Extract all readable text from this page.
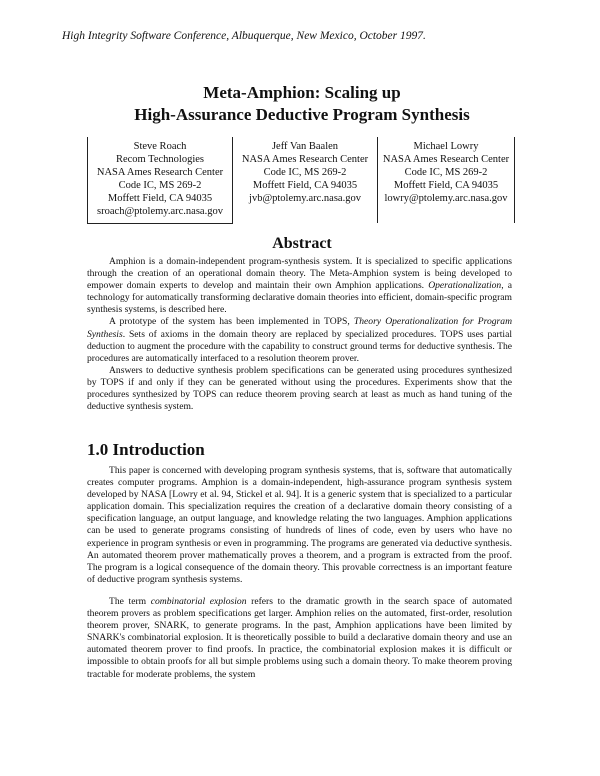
High Integrity Software Conference, Albuquerque, New Mexico, October 1997.
Meta-Amphion: Scaling up
High-Assurance Deductive Program Synthesis
Steve Roach
Recom Technologies
NASA Ames Research Center
Code IC, MS 269-2
Moffett Field, CA 94035
sroach@ptolemy.arc.nasa.gov

Jeff Van Baalen
NASA Ames Research Center
Code IC, MS 269-2
Moffett Field, CA 94035
jvb@ptolemy.arc.nasa.gov

Michael Lowry
NASA Ames Research Center
Code IC, MS 269-2
Moffett Field, CA 94035
lowry@ptolemy.arc.nasa.gov
Abstract

Amphion is a domain-independent program-synthesis system. It is specialized to specific applications through the creation of an operational domain theory. The Meta-Amphion system is being developed to empower domain experts to develop and maintain their own Amphion applications. Operationalization, a technology for automatically transforming declarative domain theories into efficient, domain-specific program synthesis systems, is described here.

A prototype of the system has been implemented in TOPS, Theory Operationalization for Program Synthesis. Sets of axioms in the domain theory are replaced by specialized procedures. TOPS uses partial deduction to augment the procedure with the capability to construct ground terms for deductive synthesis. The procedures are automatically interfaced to a resolution theorem prover.

Answers to deductive synthesis problem specifications can be generated using procedures synthesized by TOPS if and only if they can be generated without using the procedures. Experiments show that the procedures synthesized by TOPS can reduce theorem proving search at least as much as hand tuning of the deductive synthesis system.

1.0 Introduction

This paper is concerned with developing program synthesis systems, that is, software that automatically creates computer programs. Amphion is a domain-independent, high-assurance program synthesis system developed by NASA [Lowry et al. 94, Stickel et al. 94]. It is a generic system that is specialized to a particular application domain. This specialization requires the creation of a declarative domain theory consisting of a specification language, an output language, and knowledge relating the two languages. Amphion applications can be used to generate programs consisting of hundreds of lines of code, even by users who have no experience in program synthesis or even in programming. The programs are generated via deductive synthesis. An automated theorem prover mathematically proves a theorem, and a program is extracted from the proof. The program is a logical consequence of the domain theory. This provable correctness is an important feature of deductive program synthesis systems.

The term combinatorial explosion refers to the dramatic growth in the search space of automated theorem provers as problem specifications get larger. Amphion relies on the automated, first-order, resolution theorem prover, SNARK, to generate programs. In the past, Amphion applications have been limited by SNARK's combinatorial explosion. It is theoretically possible to build a declarative domain theory and use an automated theorem prover to find proofs. In practice, the combinatorial explosion makes it is difficult or impossible to obtain proofs for all but simple problems using such a domain theory. To make theorem proving tractable for moderate problems, the system
